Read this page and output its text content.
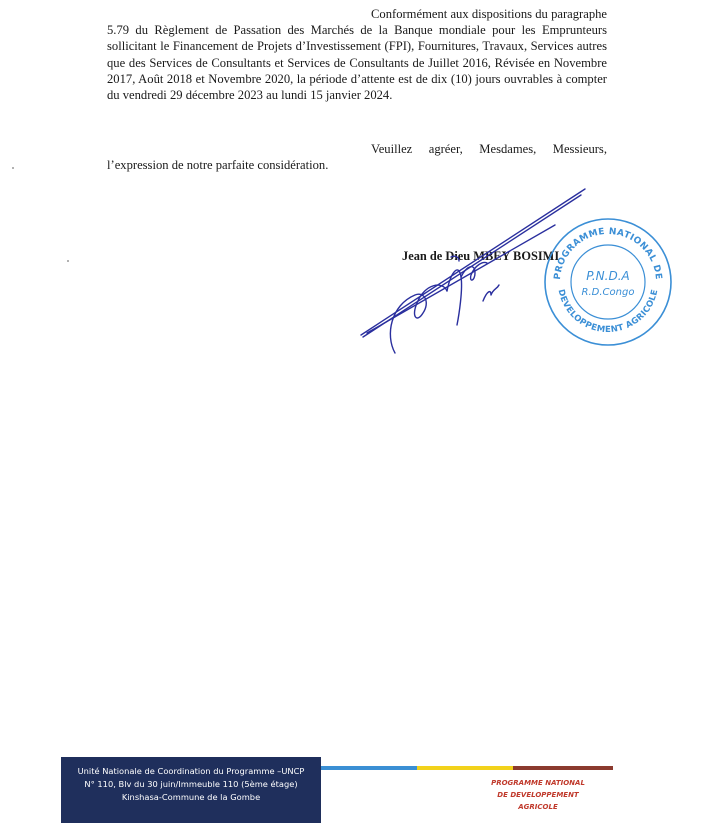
Conformément aux dispositions du paragraphe 5.79 du Règlement de Passation des Marchés de la Banque mondiale pour les Emprunteurs sollicitant le Financement de Projets d’Investissement (FPI), Fournitures, Travaux, Services autres que des Services de Consultants et Services de Consultants de Juillet 2016, Révisée en Novembre 2017, Août 2018 et Novembre 2020, la période d’attente est de dix (10) jours ouvrables à compter du vendredi 29 décembre 2023 au lundi 15 janvier 2024.

Veuillez agréer, Mesdames, Messieurs, l’expression de notre parfaite considération.

Jean de Dieu MBEY BOSIMI
PROGRAMME NATIONAL DE
DEVELOPPEMENT AGRICOLE
P.N.D.A
R.D.Congo
Unité Nationale de Coordination du Programme –UNCP
N° 110, Blv du 30 juin/Immeuble 110 (5ème étage)
Kinshasa-Commune de la Gombe
PROGRAMME NATIONAL
DE DEVELOPPEMENT
AGRICOLE
